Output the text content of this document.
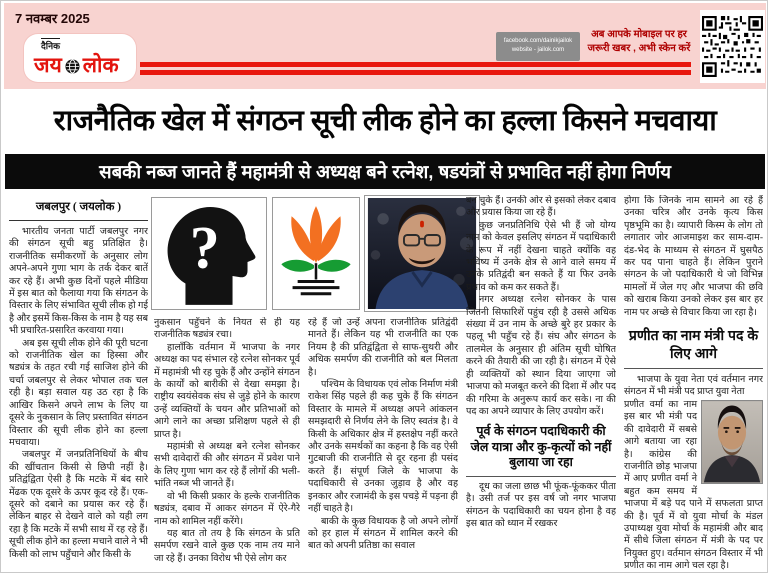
7 नवम्बर 2025
दैनिक
जय लोक
facebook.com/dainikjailok
website - jailok.com
अब आपके मोबाइल पर हर
जरूरी खबर , अभी स्केन करें
राजनैतिक खेल में संगठन सूची लीक होने का हल्ला किसने मचवाया
सबकी नब्ज जानते हैं महामंत्री से अध्यक्ष बने रत्नेश, षडयंत्रों से प्रभावित नहीं होगा निर्णय
जबलपुर ( जयलोक )

भारतीय जनता पार्टी जबलपुर नगर की संगठन सूची बहु प्रतिक्षित है। राजनीतिक समीकरणों के अनुसार लोग अपने-अपने गुणा भाग के तर्क देकर बातें कर रहे हैं। अभी कुछ दिनों पहले मीडिया में इस बात को फैलाया गया कि संगठन के विस्तार के लिए संभावित सूची लीक हो गई है और इसमें किस-किस के नाम है यह सब भी प्रचारित-प्रसारित करवाया गया।

अब इस सूची लीक होने की पूरी घटना को राजनीतिक खेल का हिस्सा और षड्यंत्र के तहत रची गई साजिश होने की चर्चा जबलपुर से लेकर भोपाल तक चल रही है। बड़ा सवाल यह उठ रहा है कि आखिर किसने अपने लाभ के लिए या दूसरे के नुकसान के लिए प्रस्तावित संगठन विस्तार की सूची लीक होने का हल्ला मचवाया।

जबलपुर में जनप्रतिनिधियों के बीच की खींचतान किसी से छिपी नहीं है। प्रतिद्वंद्विता ऐसी है कि मटके में बंद सारे मेंढक एक दूसरे के ऊपर कूद रहे हैं। एक-दूसरे को दबाने का प्रयास कर रहे हैं। लेकिन बाहर से देखने वाले को यही लग रहा है कि मटके में सभी साथ में रह रहे हैं। सूची लीक होने का हल्ला मचाने वाले ने भी किसी को लाभ पहुँचाने और किसी के

?

नुकसान पहुँचने के नियत से ही यह राजनीतिक षड्यंत्र रचा।

हालाँकि वर्तमान में भाजपा के नगर अध्यक्ष का पद संभाल रहे रत्नेश सोनकर पूर्व में महामंत्री भी रह चुके हैं और उन्होंने संगठन के कार्यों को बारीकी से देखा समझा है। राष्ट्रीय स्वयंसेवक संघ से जुड़े होने के कारण उन्हें व्यक्तियों के चयन और प्रतिभाओं को आगे लाने का अच्छा प्रशिक्षण पहले से ही प्राप्त है।

महामंत्री से अध्यक्ष बने रत्नेश सोनकर सभी दावेदारों की और संगठन में प्रवेश पाने के लिए गुणा भाग कर रहे हैं लोगों की भली-भांति नब्ज भी जानते हैं।

वो भी किसी प्रकार के हल्के राजनीतिक षड्यंत्र, दबाव में आकर संगठन में ऐरे-गैरे नाम को शामिल नहीं करेंगे।

यह बात तो तय है कि संगठन के प्रति समर्पण रखने वाले कुछ एक नाम तय माने जा रहे हैं। उनका विरोध भी ऐसे लोग कर

रहे हैं जो उन्हें अपना राजनीतिक प्रतिद्वंदी मानते हैं। लेकिन यह भी राजनीति का एक नियम है की प्रतिद्वंद्विता से साफ-सुथरी और अधिक समर्पण की राजनीति को बल मिलता है।

पश्चिम के विधायक एवं लोक निर्माण मंत्री राकेश सिंह पहले ही कह चुके हैं कि संगठन विस्तार के मामले में अध्यक्ष अपने आंकलन समझदारी से निर्णय लेने के लिए स्वतंत्र है। वे किसी के अधिकार क्षेत्र में हस्तक्षेप नहीं करते और उनके समर्थकों का कहना है कि वह ऐसी गुटबाजी की राजनीति से दूर रहना ही पसंद करते हैं। संपूर्ण जिले के भाजपा के पदाधिकारी से उनका जुड़ाव है और वह इनकार और रजामंदी के इस पचड़े में पड़ना ही नहीं चाहते है।

बाकी के कुछ विधायक है जो अपने लोगों को हर हाल में संगठन में शामिल करने की बात को अपनी प्रतिष्ठा का सवाल

बन चुके हैं। उनकी ओर से इसको लेकर दबाव और प्रयास किया जा रहे हैं।

कुछ जनप्रतिनिधि ऐसे भी हैं जो योग्य नाम को केवल इसलिए संगठन में पदाधिकारी के रूप में नहीं देखना चाहते क्योंकि वह भविष्य में उनके क्षेत्र से आने वाले समय में उनके प्रतिद्वंदी बन सकते हैं या फिर उनके प्रभाव को कम कर सकते हैं।

नगर अध्यक्ष रत्नेश सोनकर के पास जितनी सिफारिशें पहुंच रही है उससे अधिक संख्या में उन नाम के अच्छे बुरे हर प्रकार के पहलू भी पहुँच रहे हैं। संघ और संगठन के तालमेल के अनुसार ही अंतिम सूची घोषित करने की तैयारी की जा रही है। संगठन में ऐसे ही व्यक्तियों को स्थान दिया जाएगा जो भाजपा को मजबूत करने की दिशा में और पद की गरिमा के अनुरूप कार्य कर सके। ना की पद का अपने व्यापार के लिए उपयोग करें।

पूर्व के संगठन पदाधिकारी की जेल यात्रा और कु-कृत्यों को नहीं बुलाया जा रहा

दूध का जला छाछ भी फूंक-फूंककर पीता है। उसी तर्ज पर इस वर्ष जो नगर भाजपा संगठन के पदाधिकारी का चयन होना है वह इस बात को ध्यान में रखकर

होगा कि जिनके नाम सामने आ रहे हैं उनका चरित्र और उनके कृत्य किस पृष्ठभूमि का है। व्यापारी किस्म के लोग तो लगातार जोर आजमाइश कर साम-दाम-दंड-भेद के माध्यम से संगठन में घुसपैठ कर पद पाना चाहते हैं। लेकिन पुराने संगठन के जो पदाधिकारी थे जो विभिन्न मामलों में जेल गए और भाजपा की छवि को खराब किया उनको लेकर इस बार हर नाम पर अच्छे से विचार किया जा रहा है।

प्रणीत का नाम मंत्री पद के लिए आगे

भाजपा के युवा नेता एवं वर्तमान नगर संगठन में भी मंत्री पद प्राप्त युवा नेता

प्रणीत वर्मा का नाम इस बार भी मंत्री पद की दावेदारी में सबसे आगे बताया जा रहा है। कांग्रेस की राजनीति छोड़ भाजपा में आए प्रणीत वर्मा ने बहुत कम समय में भाजपा में बड़े पद पाने में सफलता प्राप्त की है। पूर्व में वो युवा मोर्चा के मंडल उपाध्यक्ष युवा मोर्चा के महामंत्री और बाद में सीधे जिला संगठन में मंत्री के पद पर नियुक्त हुए। वर्तमान संगठन विस्तार में भी प्रणीत का नाम आगे चल रहा है।
